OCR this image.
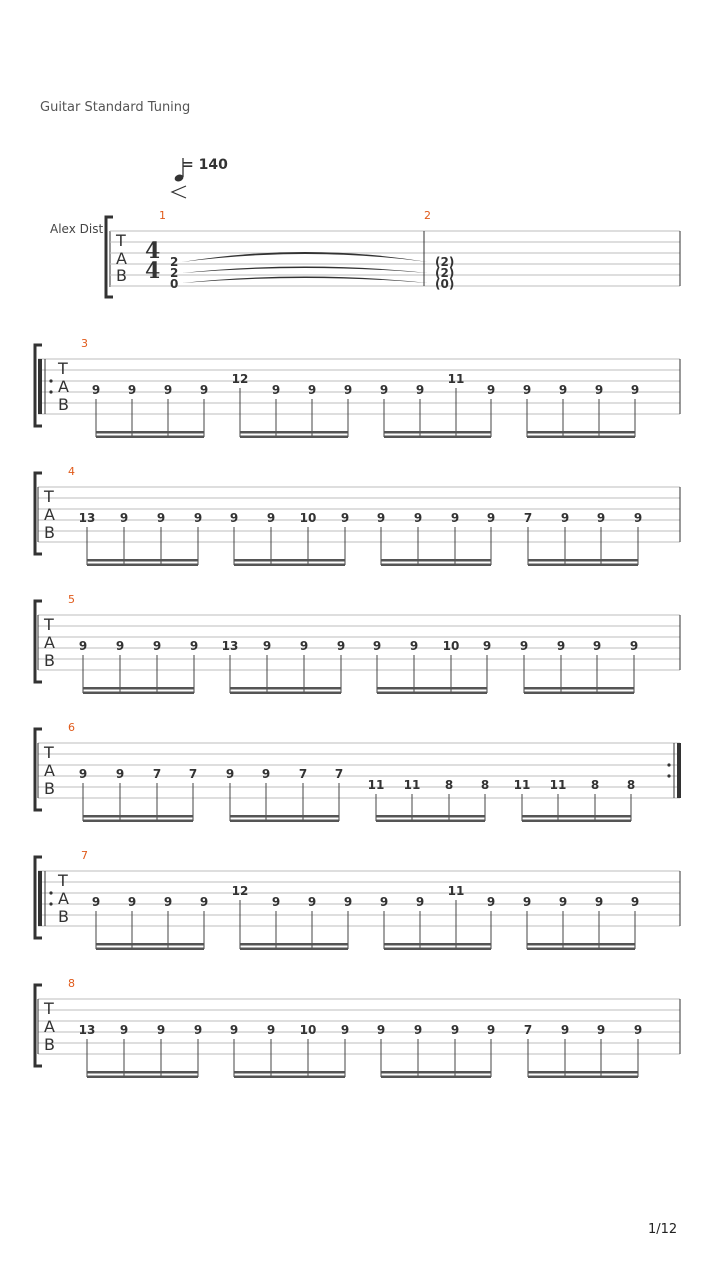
Guitar Standard Tuning
= 140
Alex Dist
T
A
B
4
4
1	2
2
2
0
(2)
(2)
(0)
T
A
B
3
9 9 9 9
12
9 9 9 9 9
11
9 9 9 9 9
T
A
B
4
13 9 9 9 9 9 10 9 9 9 9 9 7 9 9 9
T
A
B
5
9 9 9 9 13 9 9 9 9 9 10 9 9 9 9 9
T
A
B
6
9 9 7 7 9 9 7 7
11 11 8 8 11 11 8 8
T
A
B
7
9 9 9 9
12
9 9 9 9 9
11
9 9 9 9 9
T
A
B
8
13 9 9 9 9 9 10 9 9 9 9 9 7 9 9 9
1/12
